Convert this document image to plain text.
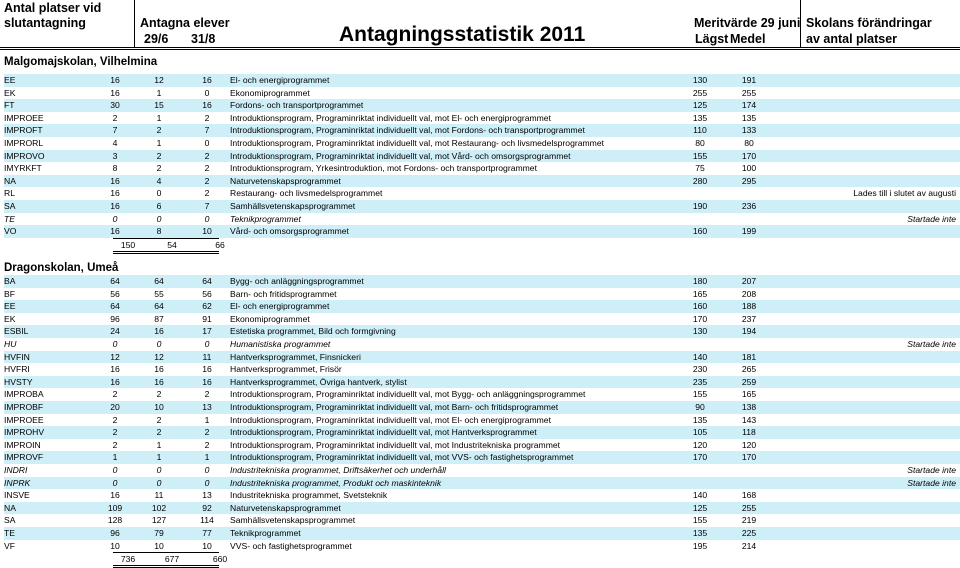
Antal platser vid
slutantagning	Antagna elever
29/6 31/8	Antagningsstatistik 2011	Meritvärde 29 juni
Lägst Medel
Skolans förändringar
av antal platser
Malgomajskolan, Vilhelmina
EE	16	12	16	El- och energiprogrammet	130	191
EK	16	1	0	Ekonomiprogrammet	255	255
FT	30	15	16	Fordons- och transportprogrammet	125	174
IMPROEE	2	1	2	Introduktionsprogram, Programinriktat individuellt val, mot El- och energiprogrammet	135	135
IMPROFT	7	2	7	Introduktionsprogram, Programinriktat individuellt val, mot Fordons- och transportprogrammet	110	133
IMPRORL	4	1	0	Introduktionsprogram, Programinriktat individuellt val, mot Restaurang- och livsmedelsprogrammet	80	80
IMPROVO	3	2	2	Introduktionsprogram, Programinriktat individuellt val, mot Vård- och omsorgsprogrammet	155	170
IMYRKFT	8	2	2	Introduktionsprogram, Yrkesintroduktion, mot Fordons- och transportprogrammet	75	100
NA	16	4	2	Naturvetenskapsprogrammet	280	295
RL	16	0	2	Restaurang- och livsmedelsprogrammet	Lades till i slutet av augusti
SA	16	6	7	Samhällsvetenskapsprogrammet	190	236
TE	0	0	0	Teknikprogrammet	Startade inte
VO	16	8	10	Vård- och omsorgsprogrammet	160	199
150	54	66
Dragonskolan, Umeå
BA	64	64	64	Bygg- och anläggningsprogrammet	180	207
BF	56	55	56	Barn- och fritidsprogrammet	165	208
EE	64	64	62	El- och energiprogrammet	160	188
EK	96	87	91	Ekonomiprogrammet	170	237
ESBIL	24	16	17	Estetiska programmet, Bild och formgivning	130	194
HU	0	0	0	Humanistiska programmet	Startade inte
HVFIN	12	12	11	Hantverksprogrammet, Finsnickeri	140	181
HVFRI	16	16	16	Hantverksprogrammet, Frisör	230	265
HVSTY	16	16	16	Hantverksprogrammet, Övriga hantverk, stylist	235	259
IMPROBA	2	2	2	Introduktionsprogram, Programinriktat individuellt val, mot Bygg- och anläggningsprogrammet	155	165
IMPROBF	20	10	13	Introduktionsprogram, Programinriktat individuellt val, mot Barn- och fritidsprogrammet	90	138
IMPROEE	2	2	1	Introduktionsprogram, Programinriktat individuellt val, mot El- och energiprogrammet	135	143
IMPROHV	2	2	2	Introduktionsprogram, Programinriktat individuellt val, mot Hantverksprogrammet	105	118
IMPROIN	2	1	2	Introduktionsprogram, Programinriktat individuellt val, mot Industritekniska programmet	120	120
IMPROVF	1	1	1	Introduktionsprogram, Programinriktat individuellt val, mot VVS- och fastighetsprogrammet	170	170
INDRI	0	0	0	Industritekniska programmet, Driftsäkerhet och underhåll	Startade inte
INPRK	0	0	0	Industritekniska programmet, Produkt och maskinteknik	Startade inte
INSVE	16	11	13	Industritekniska programmet, Svetsteknik	140	168
NA	109	102	92	Naturvetenskapsprogrammet	125	255
SA	128	127	114	Samhällsvetenskapsprogrammet	155	219
TE	96	79	77	Teknikprogrammet	135	225
VF	10	10	10	VVS- och fastighetsprogrammet	195	214
736	677	660
